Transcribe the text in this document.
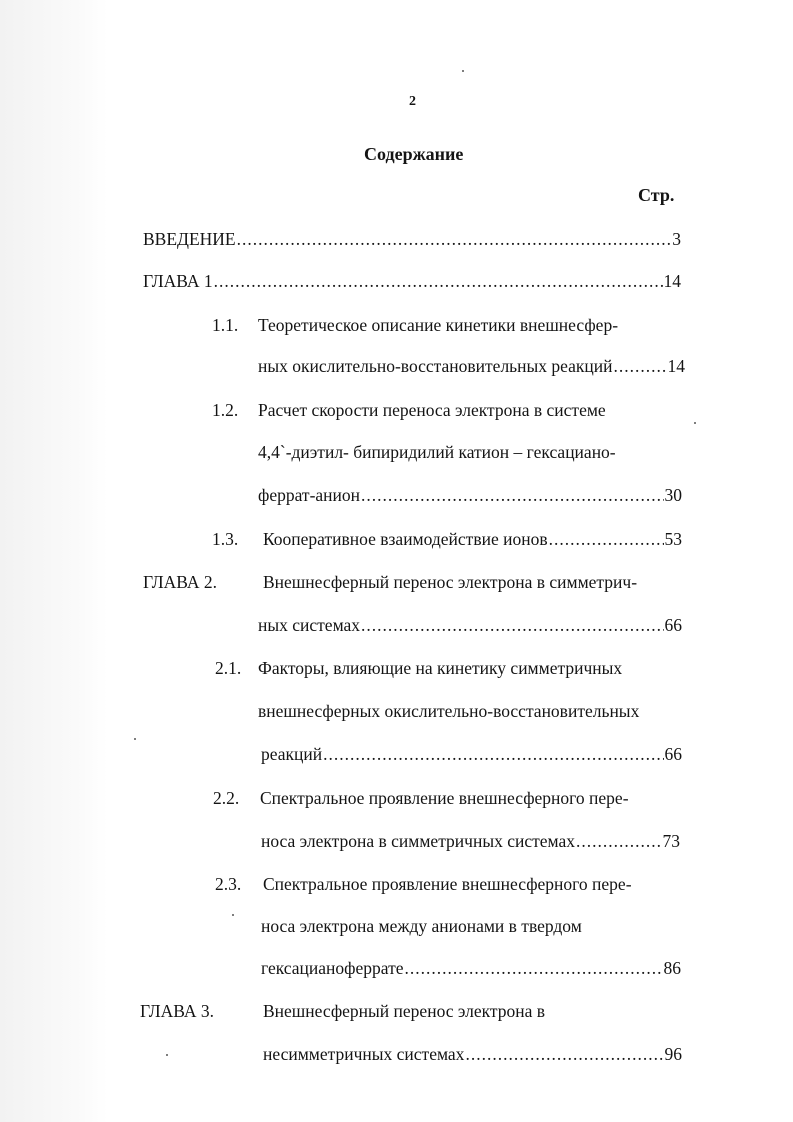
2
Содержание
Стр.
ВВЕДЕНИЕ .....	3
ГЛАВА 1 .....	14
1.1. Теоретическое описание кинетики внешнесфер-
ных окислительно-восстановительных реакций .....	14
1.2. Расчет скорости переноса электрона в системе
4,4`-диэтил- бипиридилий катион – гексациано-
феррат-анион .....	30
1.3. Кооперативное взаимодействие ионов .....	53
ГЛАВА 2.	Внешнесферный перенос электрона в симметрич-
ных системах .....	66
2.1. Факторы, влияющие на кинетику симметричных
внешнесферных окислительно-восстановительных
реакций .....	66
2.2. Спектральное проявление внешнесферного пере-
носа электрона в симметричных системах .....	73
2.3. Спектральное проявление внешнесферного пере-
носа электрона между анионами в твердом
гексацианоферрате .....	86
ГЛАВА 3.	Внешнесферный перенос электрона в
несимметричных системах .....	96
